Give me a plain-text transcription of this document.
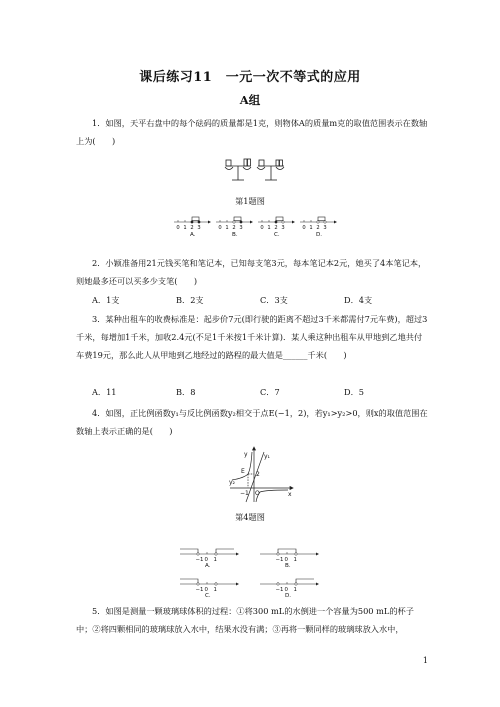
课后练习11　一元一次不等式的应用
A组
1．如图，天平右盘中的每个砝码的质量都是1克，则物体A的质量m克的取值范围表示在数轴上为(　　)
第1题图
0 1 2 3
A.
0 1 2 3
B.
0 1 2 3
C.
0 1 2 3
D.
2．小颖准备用21元钱买笔和笔记本，已知每支笔3元，每本笔记本2元，她买了4本笔记本，则她最多还可以买多少支笔(　　)
A．1支	B．2支	C．3支	D．4支
3．某种出租车的收费标准是：起步价7元(即行驶的距离不超过3千米都需付7元车费)，超过3千米，每增加1千米，加收2.4元(不足1千米按1千米计算)．某人乘这种出租车从甲地到乙地共付车费19元，那么此人从甲地到乙地经过的路程的最大值是______千米(　　)
A．11	B．8	C．7	D．5
4．如图，正比例函数y₁与反比例函数y₂相交于点E(−1，2)，若y₁>y₂>0，则x的取值范围在数轴上表示正确的是(　　)
y
x
O
E 2
−1
y₂
y₁
第4题图
−1 0 1
A.
−1 0 1
B.
−1 0 1
C.
−1 0 1
D.
5．如图是测量一颗玻璃球体积的过程：①将300 mL的水倒进一个容量为500 mL的杯子中；②将四颗相同的玻璃球放入水中，结果水没有满；③再将一颗同样的玻璃球放入水中，
1
